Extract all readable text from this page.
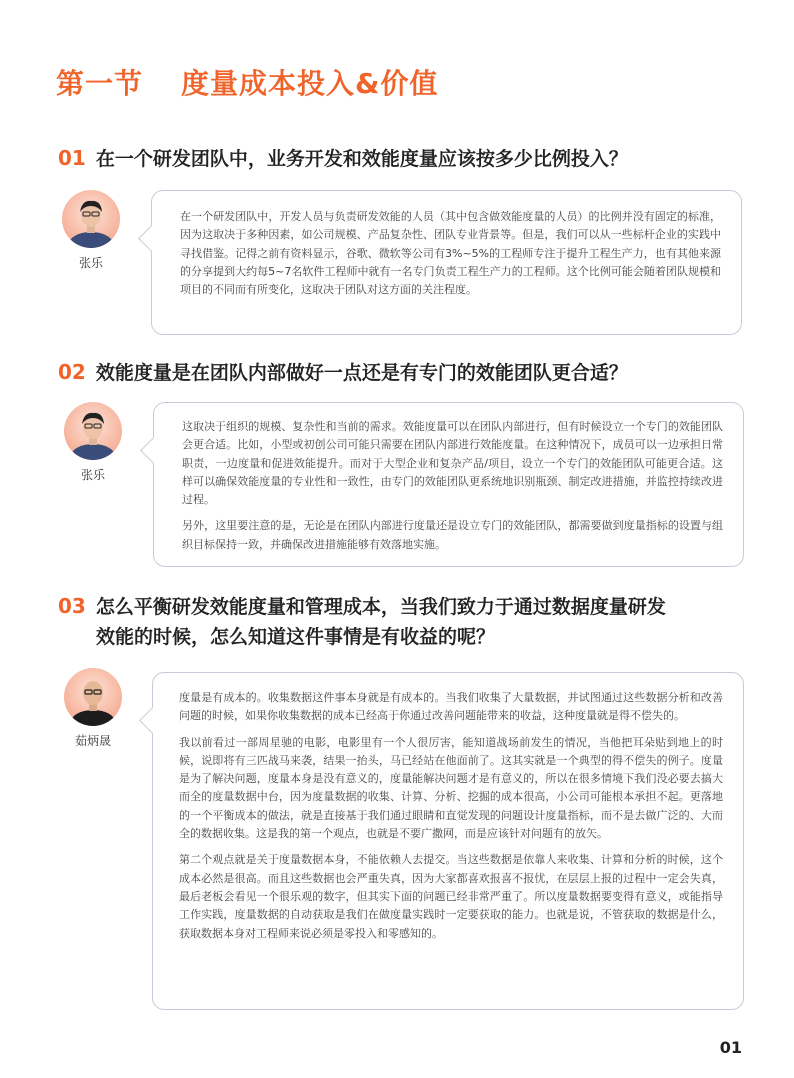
第一节 度量成本投入&价值
01 在一个研发团队中，业务开发和效能度量应该按多少比例投入？
张乐

在一个研发团队中，开发人员与负责研发效能的人员（其中包含做效能度量的人员）的比例并没有固定的标准，因为这取决于多种因素，如公司规模、产品复杂性、团队专业背景等。但是，我们可以从一些标杆企业的实践中寻找借鉴。记得之前有资料显示，谷歌、微软等公司有3%~5%的工程师专注于提升工程生产力，也有其他来源的分享提到大约每5~7名软件工程师中就有一名专门负责工程生产力的工程师。这个比例可能会随着团队规模和项目的不同而有所变化，这取决于团队对这方面的关注程度。

02 效能度量是在团队内部做好一点还是有专门的效能团队更合适？
张乐

这取决于组织的规模、复杂性和当前的需求。效能度量可以在团队内部进行，但有时候设立一个专门的效能团队会更合适。比如，小型或初创公司可能只需要在团队内部进行效能度量。在这种情况下，成员可以一边承担日常职责，一边度量和促进效能提升。而对于大型企业和复杂产品/项目，设立一个专门的效能团队可能更合适。这样可以确保效能度量的专业性和一致性，由专门的效能团队更系统地识别瓶颈、制定改进措施，并监控持续改进过程。

另外，这里要注意的是，无论是在团队内部进行度量还是设立专门的效能团队，都需要做到度量指标的设置与组织目标保持一致，并确保改进措施能够有效落地实施。

03 怎么平衡研发效能度量和管理成本，当我们致力于通过数据度量研发
效能的时候，怎么知道这件事情是有收益的呢？
茹炳晟

度量是有成本的。收集数据这件事本身就是有成本的。当我们收集了大量数据，并试图通过这些数据分析和改善问题的时候，如果你收集数据的成本已经高于你通过改善问题能带来的收益，这种度量就是得不偿失的。

我以前看过一部周星驰的电影，电影里有一个人很厉害，能知道战场前发生的情况，当他把耳朵贴到地上的时候，说即将有三匹战马来袭，结果一抬头，马已经站在他面前了。这其实就是一个典型的得不偿失的例子。度量是为了解决问题，度量本身是没有意义的，度量能解决问题才是有意义的，所以在很多情境下我们没必要去搞大而全的度量数据中台，因为度量数据的收集、计算、分析、挖掘的成本很高，小公司可能根本承担不起。更落地的一个平衡成本的做法，就是直接基于我们通过眼睛和直觉发现的问题设计度量指标，而不是去做广泛的、大而全的数据收集。这是我的第一个观点，也就是不要广撒网，而是应该针对问题有的放矢。

第二个观点就是关于度量数据本身，不能依赖人去提交。当这些数据是依靠人来收集、计算和分析的时候，这个成本必然是很高。而且这些数据也会严重失真，因为大家都喜欢报喜不报忧，在层层上报的过程中一定会失真，最后老板会看见一个很乐观的数字，但其实下面的问题已经非常严重了。所以度量数据要变得有意义，或能指导工作实践，度量数据的自动获取是我们在做度量实践时一定要获取的能力。也就是说，不管获取的数据是什么，获取数据本身对工程师来说必须是零投入和零感知的。

01
